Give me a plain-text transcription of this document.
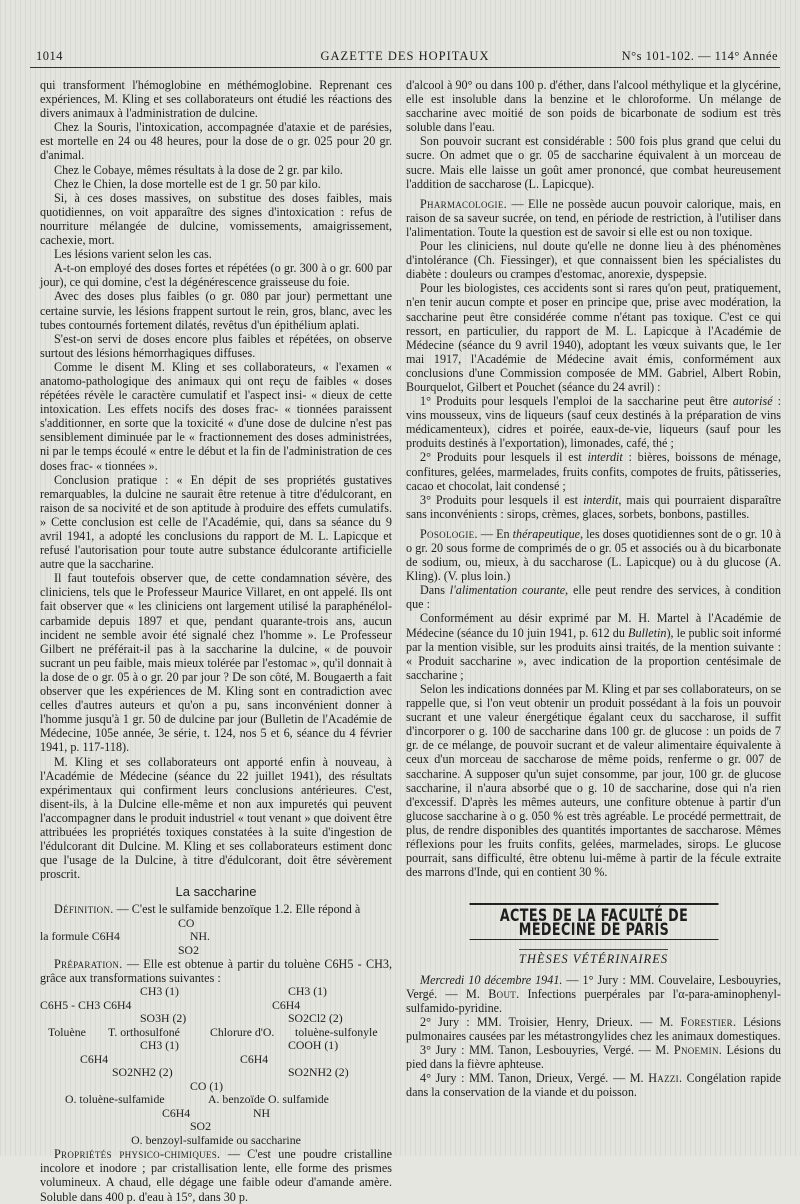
1014	GAZETTE DES HOPITAUX	N°s 101-102. — 114° Année

qui transforment l'hémoglobine en méthémoglobine. Reprenant ces expériences, M. Kling et ses collaborateurs ont étudié les réactions des divers animaux à l'administration de dulcine.

Chez la Souris, l'intoxication, accompagnée d'ataxie et de parésies, est mortelle en 24 ou 48 heures, pour la dose de o gr. 025 pour 20 gr. d'animal.

Chez le Cobaye, mêmes résultats à la dose de 2 gr. par kilo.

Chez le Chien, la dose mortelle est de 1 gr. 50 par kilo.

Si, à ces doses massives, on substitue des doses faibles, mais quotidiennes, on voit apparaître des signes d'intoxication : refus de nourriture mélangée de dulcine, vomissements, amaigrissement, cachexie, mort.

Les lésions varient selon les cas.

A-t-on employé des doses fortes et répétées (o gr. 300 à o gr. 600 par jour), ce qui domine, c'est la dégénérescence graisseuse du foie.

Avec des doses plus faibles (o gr. 080 par jour) permettant une certaine survie, les lésions frappent surtout le rein, gros, blanc, avec les tubes contournés fortement dilatés, revêtus d'un épithélium aplati.

S'est-on servi de doses encore plus faibles et répétées, on observe surtout des lésions hémorrhagiques diffuses.

Comme le disent M. Kling et ses collaborateurs, « l'examen « anatomo-pathologique des animaux qui ont reçu de faibles « doses répétées révèle le caractère cumulatif et l'aspect insi- « dieux de cette intoxication. Les effets nocifs des doses frac- « tionnées paraissent s'additionner, en sorte que la toxicité « d'une dose de dulcine n'est pas sensiblement diminuée par le « fractionnement des doses administrées, ni par le temps écoulé « entre le début et la fin de l'administration de ces doses frac- « tionnées ».

Conclusion pratique : « En dépit de ses propriétés gustatives remarquables, la dulcine ne saurait être retenue à titre d'édulcorant, en raison de sa nocivité et de son aptitude à produire des effets cumulatifs. » Cette conclusion est celle de l'Académie, qui, dans sa séance du 9 avril 1941, a adopté les conclusions du rapport de M. L. Lapicque et refusé l'autorisation pour toute autre substance édulcorante artificielle autre que la saccharine.

Il faut toutefois observer que, de cette condamnation sévère, des cliniciens, tels que le Professeur Maurice Villaret, en ont appelé. Ils ont fait observer que « les cliniciens ont largement utilisé la paraphénélol-carbamide depuis 1897 et que, pendant quarante-trois ans, aucun incident ne semble avoir été signalé chez l'homme ». Le Professeur Gilbert ne préférait-il pas à la saccharine la dulcine, « de pouvoir sucrant un peu faible, mais mieux tolérée par l'estomac », qu'il donnait à la dose de o gr. 05 à o gr. 20 par jour ? De son côté, M. Bougaerth a fait observer que les expériences de M. Kling sont en contradiction avec celles d'autres auteurs et qu'on a pu, sans inconvénient donner à l'homme jusqu'à 1 gr. 50 de dulcine par jour (Bulletin de l'Académie de Médecine, 105e année, 3e série, t. 124, nos 5 et 6, séance du 4 février 1941, p. 117-118).

M. Kling et ses collaborateurs ont apporté enfin à nouveau, à l'Académie de Médecine (séance du 22 juillet 1941), des résultats expérimentaux qui confirment leurs conclusions antérieures. C'est, disent-ils, à la Dulcine elle-même et non aux impuretés qui peuvent l'accompagner dans le produit industriel « tout venant » que doivent être attribuées les propriétés toxiques constatées à la suite d'ingestion de l'édulcorant dit Dulcine. M. Kling et ses collaborateurs estiment donc que l'usage de la Dulcine, à titre d'édulcorant, doit être sévèrement proscrit.

La saccharine

Définition. — C'est le sulfamide benzoïque 1.2. Elle répond à

CO
la formule C6H4	NH.
SO2

Préparation. — Elle est obtenue à partir du toluène C6H5 - CH3, grâce aux transformations suivantes :

CH3 (1)	CH3 (1)
C6H5 - CH3 C6H4	C6H4
SO3H (2)	SO2Cl2 (2)
Toluène T. orthosulfoné	Chlorure d'O. toluène-sulfonyle
CH3 (1)	COOH (1)
C6H4	C6H4
SO2NH2 (2)	SO2NH2 (2)
CO (1)
O. toluène-sulfamide	A. benzoïde O. sulfamide
C6H4	NH
SO2
O. benzoyl-sulfamide ou saccharine

Propriétés physico-chimiques. — C'est une poudre cristalline incolore et inodore ; par cristallisation lente, elle forme des prismes volumineux. A chaud, elle dégage une faible odeur d'amande amère. Soluble dans 400 p. d'eau à 15°, dans 30 p.

d'alcool à 90° ou dans 100 p. d'éther, dans l'alcool méthylique et la glycérine, elle est insoluble dans la benzine et le chloroforme. Un mélange de saccharine avec moitié de son poids de bicarbonate de sodium est très soluble dans l'eau.

Son pouvoir sucrant est considérable : 500 fois plus grand que celui du sucre. On admet que o gr. 05 de saccharine équivalent à un morceau de sucre. Mais elle laisse un goût amer prononcé, que combat heureusement l'addition de saccharose (L. Lapicque).

Pharmacologie. — Elle ne possède aucun pouvoir calorique, mais, en raison de sa saveur sucrée, on tend, en période de restriction, à l'utiliser dans l'alimentation. Toute la question est de savoir si elle est ou non toxique.

Pour les cliniciens, nul doute qu'elle ne donne lieu à des phénomènes d'intolérance (Ch. Fiessinger), et que connaissent bien les spécialistes du diabète : douleurs ou crampes d'estomac, anorexie, dyspepsie.

Pour les biologistes, ces accidents sont si rares qu'on peut, pratiquement, n'en tenir aucun compte et poser en principe que, prise avec modération, la saccharine peut être considérée comme n'étant pas toxique. C'est ce qui ressort, en particulier, du rapport de M. L. Lapicque à l'Académie de Médecine (séance du 9 avril 1940), adoptant les vœux suivants que, le 1er mai 1917, l'Académie de Médecine avait émis, conformément aux conclusions d'une Commission composée de MM. Gabriel, Albert Robin, Bourquelot, Gilbert et Pouchet (séance du 24 avril) :

1° Produits pour lesquels l'emploi de la saccharine peut être autorisé : vins mousseux, vins de liqueurs (sauf ceux destinés à la préparation de vins médicamenteux), cidres et poirée, eaux-de-vie, liqueurs (sauf pour les produits destinés à l'exportation), limonades, café, thé ;

2° Produits pour lesquels il est interdit : bières, boissons de ménage, confitures, gelées, marmelades, fruits confits, compotes de fruits, pâtisseries, cacao et chocolat, lait condensé ;

3° Produits pour lesquels il est interdit, mais qui pourraient disparaître sans inconvénients : sirops, crèmes, glaces, sorbets, bonbons, pastilles.

Posologie. — En thérapeutique, les doses quotidiennes sont de o gr. 10 à o gr. 20 sous forme de comprimés de o gr. 05 et associés ou à du bicarbonate de sodium, ou, mieux, à du saccharose (L. Lapicque) ou à du glucose (A. Kling). (V. plus loin.)

Dans l'alimentation courante, elle peut rendre des services, à condition que :

Conformément au désir exprimé par M. H. Martel à l'Académie de Médecine (séance du 10 juin 1941, p. 612 du Bulletin), le public soit informé par la mention visible, sur les produits ainsi traités, de la mention suivante : « Produit saccharine », avec indication de la proportion centésimale de saccharine ;

Selon les indications données par M. Kling et par ses collaborateurs, on se rappelle que, si l'on veut obtenir un produit possédant à la fois un pouvoir sucrant et une valeur énergétique égalant ceux du saccharose, il suffit d'incorporer o g. 100 de saccharine dans 100 gr. de glucose : un poids de 7 gr. de ce mélange, de pouvoir sucrant et de valeur alimentaire équivalente à ceux d'un morceau de saccharose de même poids, renferme o gr. 007 de saccharine. A supposer qu'un sujet consomme, par jour, 100 gr. de glucose saccharine, il n'aura absorbé que o g. 10 de saccharine, dose qui n'a rien d'excessif. D'après les mêmes auteurs, une confiture obtenue à partir d'un glucose saccharine à o g. 050 % est très agréable. Le procédé permettrait, de plus, de rendre disponibles des quantités importantes de saccharose. Mêmes réflexions pour les fruits confits, gelées, marmelades, sirops. Le glucose pourrait, sans difficulté, être obtenu lui-même à partir de la fécule extraite des marrons d'Inde, qui en contient 30 %.

ACTES DE LA FACULTÉ DE MÉDECINE DE PARIS
THÈSES VÉTÉRINAIRES

Mercredi 10 décembre 1941. — 1° Jury : MM. Couvelaire, Lesbouyries, Vergé. — M. Bout. Infections puerpérales par l'α-para-aminophenyl-sulfamido-pyridine.

2° Jury : MM. Troisier, Henry, Drieux. — M. Forestier. Lésions pulmonaires causées par les métastrongylides chez les animaux domestiques.

3° Jury : MM. Tanon, Lesbouyries, Vergé. — M. Pnoemin. Lésions du pied dans la fièvre aphteuse.

4° Jury : MM. Tanon, Drieux, Vergé. — M. Hazzi. Congélation rapide dans la conservation de la viande et du poisson.
